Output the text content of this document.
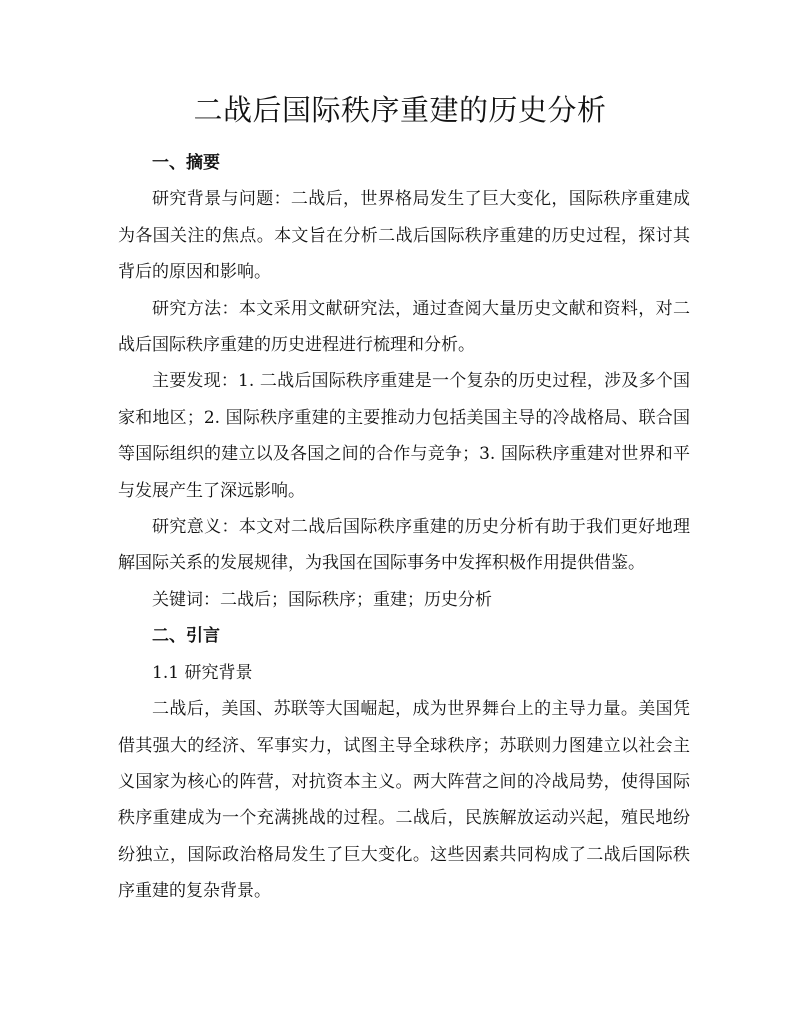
二战后国际秩序重建的历史分析

一、摘要

研究背景与问题：二战后，世界格局发生了巨大变化，国际秩序重建成为各国关注的焦点。本文旨在分析二战后国际秩序重建的历史过程，探讨其背后的原因和影响。

研究方法：本文采用文献研究法，通过查阅大量历史文献和资料，对二战后国际秩序重建的历史进程进行梳理和分析。

主要发现：1. 二战后国际秩序重建是一个复杂的历史过程，涉及多个国家和地区；2. 国际秩序重建的主要推动力包括美国主导的冷战格局、联合国等国际组织的建立以及各国之间的合作与竞争；3. 国际秩序重建对世界和平与发展产生了深远影响。

研究意义：本文对二战后国际秩序重建的历史分析有助于我们更好地理解国际关系的发展规律，为我国在国际事务中发挥积极作用提供借鉴。

关键词：二战后；国际秩序；重建；历史分析

二、引言

1.1 研究背景

二战后，美国、苏联等大国崛起，成为世界舞台上的主导力量。美国凭借其强大的经济、军事实力，试图主导全球秩序；苏联则力图建立以社会主义国家为核心的阵营，对抗资本主义。两大阵营之间的冷战局势，使得国际秩序重建成为一个充满挑战的过程。二战后，民族解放运动兴起，殖民地纷纷独立，国际政治格局发生了巨大变化。这些因素共同构成了二战后国际秩序重建的复杂背景。
